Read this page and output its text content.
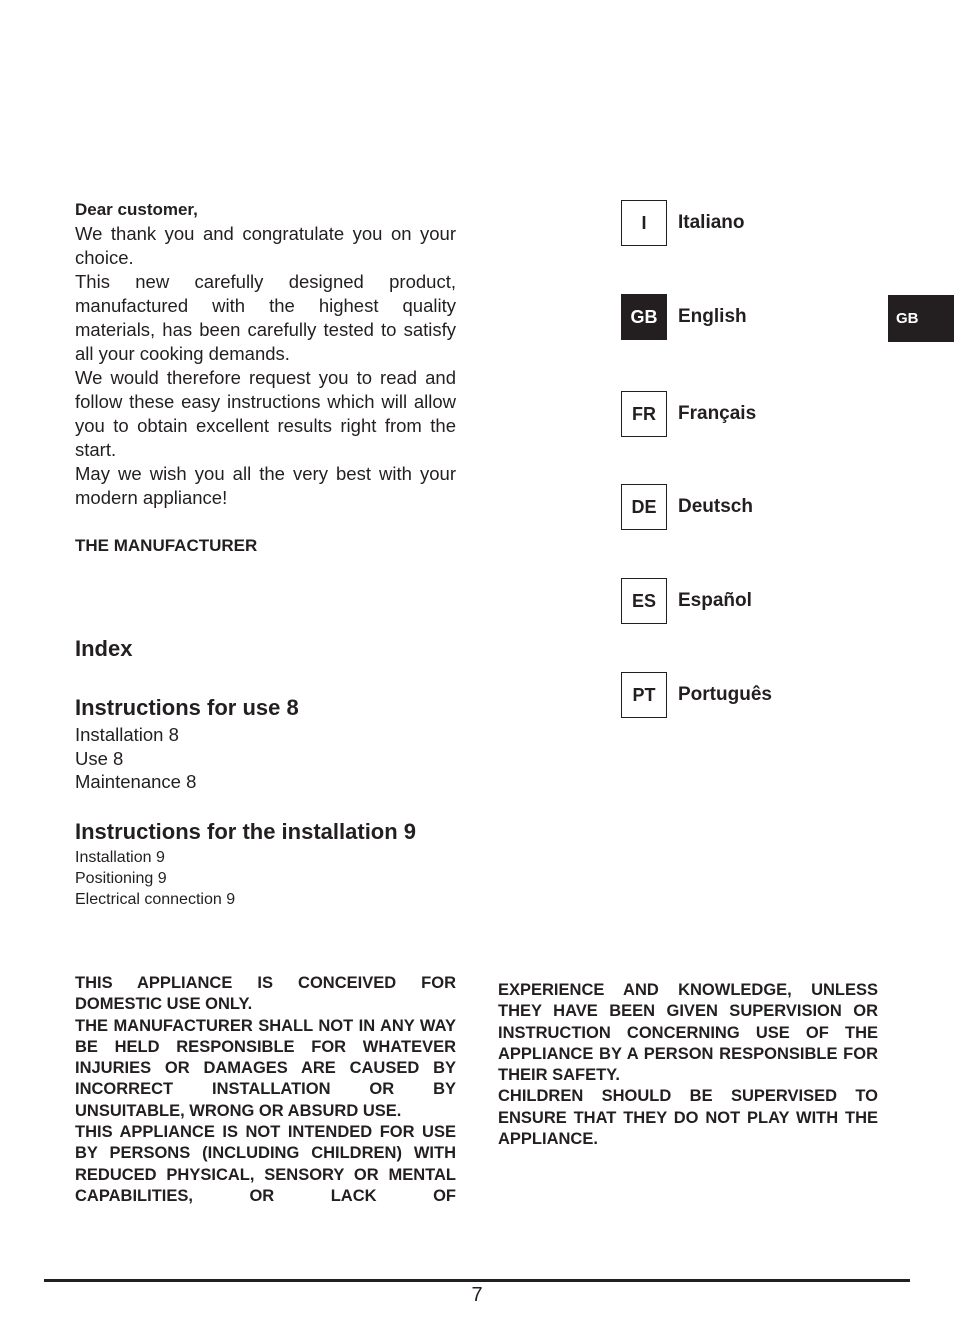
Dear customer,

We thank you and congratulate you on your choice.

This new carefully designed product, manufactured with the highest quality materials, has been carefully tested to satisfy all your cooking demands.

We would therefore request you to read and follow these easy instructions which will allow you to obtain excellent results right from the start.

May we wish you all the very best with your modern appliance!

THE MANUFACTURER

Index
Instructions for use 8

Installation 8

Use 8

Maintenance 8

Instructions for the installation 9

Installation 9

Positioning 9

Electrical connection 9

I	Italiano
GB	English
FR	Français
DE	Deutsch
ES	Español
PT	Português
GB

THIS APPLIANCE IS CONCEIVED FOR DOMESTIC USE ONLY.

THE MANUFACTURER SHALL NOT IN ANY WAY BE HELD RESPONSIBLE FOR WHATEVER INJURIES OR DAMAGES ARE CAUSED BY INCORRECT INSTALLATION OR BY UNSUITABLE, WRONG OR ABSURD USE.

THIS APPLIANCE IS NOT INTENDED FOR USE BY PERSONS (INCLUDING CHILDREN) WITH REDUCED PHYSICAL, SENSORY OR MENTAL CAPABILITIES, OR LACK OF

EXPERIENCE AND KNOWLEDGE, UNLESS THEY HAVE BEEN GIVEN SUPERVISION OR INSTRUCTION CONCERNING USE OF THE APPLIANCE BY A PERSON RESPONSIBLE FOR THEIR SAFETY.

CHILDREN SHOULD BE SUPERVISED TO ENSURE THAT THEY DO NOT PLAY WITH THE APPLIANCE.

7
